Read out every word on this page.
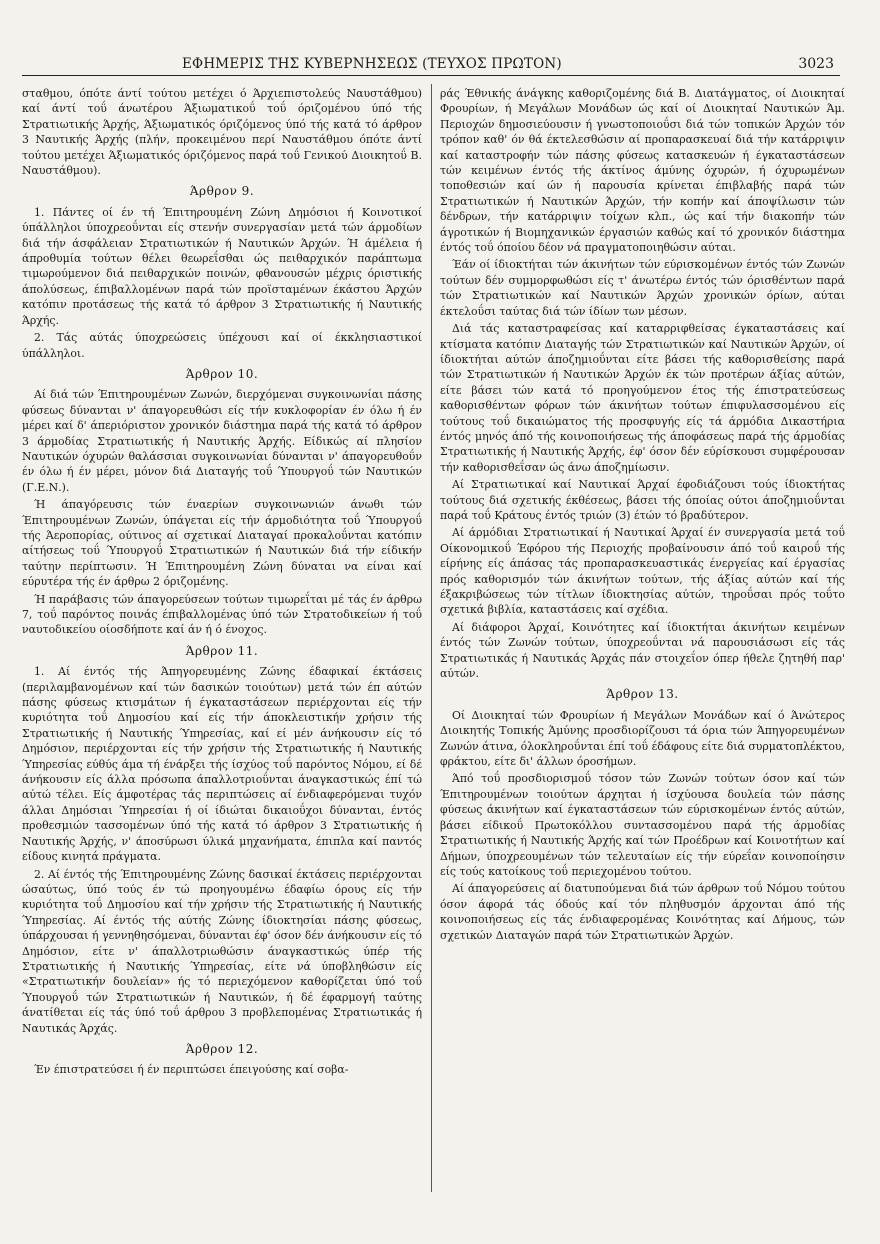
ΕΦΗΜΕΡΙΣ ΤΗΣ ΚΥΒΕΡΝΗΣΕΩΣ (ΤΕΥΧΟΣ ΠΡΩΤΟΝ)	3023

σταθμου, όπότε άντί τούτου μετέχει ό Άρχιεπιστολεύς Ναυστάθμου) καί άντί τοΰ άνωτέρου Άξιωματικοΰ τοΰ όριζομένου ύπό τής Στρατιωτικής Άρχής, Άξιωματικός όριζόμενος ύπό τής κατά τό άρθρον 3 Ναυτικής Άρχής (πλήν, προκειμένου περί Ναυστάθμου όπότε άντί τούτου μετέχει Άξιωματικός όριζόμενος παρά τοΰ Γενικού Διοικητοΰ Β. Ναυστάθμου).

Άρθρον 9.

1. Πάντες οί έν τή Έπιτηρουμένη Ζώνη Δημόσιοι ή Κοινοτικοί ύπάλληλοι ύποχρεοΰνται είς στενήν συνεργασίαν μετά τών άρμοδίων διά τήν άσφάλειαν Στρατιωτικών ή Ναυτικών Άρχών. Ή άμέλεια ή άπροθυμία τούτων θέλει θεωρεΐσθαι ώς πειθαρχικόν παράπτωμα τιμωρούμενον διά πειθαρχικών ποινών, φθανουσών μέχρις όριστικής άπολύσεως, έπιβαλλομένων παρά τών προϊσταμένων έκάστου Άρχών κατόπιν προτάσεως τής κατά τό άρθρον 3 Στρατιωτικής ή Ναυτικής Άρχής.

2. Τάς αύτάς ύποχρεώσεις ύπέχουσι καί οί έκκλησιαστικοί ύπάλληλοι.

Άρθρον 10.

Αί διά τών Έπιτηρουμένων Ζωνών, διερχόμεναι συγκοινωνίαι πάσης φύσεως δύνανται ν' άπαγορευθώσι είς τήν κυκλοφορίαν έν όλω ή έν μέρει καί δ' άπεριόριστον χρονικόν διάστημα παρά τής κατά τό άρθρον 3 άρμοδίας Στρατιωτικής ή Ναυτικής Άρχής. Είδικώς αί πλησίον Ναυτικών όχυρών θαλάσσιαι συγκοινωνίαι δύνανται ν' άπαγορευθοΰν έν όλω ή έν μέρει, μόνον διά Διαταγής τοΰ Ύπουργοΰ τών Ναυτικών (Γ.Ε.Ν.).

Ή άπαγόρευσις τών έναερίων συγκοινωνιών άνωθι τών Έπιτηρουμένων Ζωνών, ύπάγεται είς τήν άρμοδιότητα τοΰ Ύπουργοΰ τής Άεροπορίας, ούτινος αί σχετικαί Διαταγαί προκαλοΰνται κατόπιν αίτήσεως τοΰ Ύπουργοΰ Στρατιωτικών ή Ναυτικών διά τήν είδικήν ταύτην περίπτωσιν. Ή Έπιτηρουμένη Ζώνη δύναται να είναι καί εύρυτέρα τής έν άρθρω 2 όριζομένης.

Ή παράβασις τών άπαγορεύσεων τούτων τιμωρεΐται μέ τάς έν άρθρω 7, τοΰ παρόντος ποινάς έπιβαλλομένας ύπό τών Στρατοδικείων ή τοΰ ναυτοδικείου οίοσδήποτε καί άν ή ό ένοχος.

Άρθρον 11.

1. Αί έντός τής Άπηγορευμένης Ζώνης έδαφικαί έκτάσεις (περιλαμβανομένων καί τών δασικών τοιούτων) μετά τών έπ αύτών πάσης φύσεως κτισμάτων ή έγκαταστάσεων περιέρχονται είς τήν κυριότητα τοΰ Δημοσίου καί είς τήν άποκλειστικήν χρήσιν τής Στρατιωτικής ή Ναυτικής Ύπηρεσίας, καί εί μέν άνήκουσιν είς τό Δημόσιον, περιέρχονται είς τήν χρήσιν τής Στρατιωτικής ή Ναυτικής Ύπηρεσίας εύθύς άμα τή ένάρξει τής ίσχύος τοΰ παρόντος Νόμου, εί δέ άνήκουσιν είς άλλα πρόσωπα άπαλλοτριοΰνται άναγκαστικώς έπί τώ αύτώ τέλει. Είς άμφοτέρας τάς περιπτώσεις αί ένδιαφερόμεναι τυχόν άλλαι Δημόσιαι Ύπηρεσίαι ή οί ίδιώται δικαιοΰχοι δύνανται, έντός προθεσμιών τασσομένων ύπό τής κατά τό άρθρον 3 Στρατιωτικής ή Ναυτικής Άρχής, ν' άποσύρωσι ύλικά μηχανήματα, έπιπλα καί παντός είδους κινητά πράγματα.

2. Αί έντός τής Έπιτηρουμένης Ζώνης δασικαί έκτάσεις περιέρχονται ώσαύτως, ύπό τούς έν τώ προηγουμένω έδαφίω όρους είς τήν κυριότητα τοΰ Δημοσίου καί τήν χρήσιν τής Στρατιωτικής ή Ναυτικής Ύπηρεσίας. Αί έντός τής αύτής Ζώνης ίδιοκτησίαι πάσης φύσεως, ύπάρχουσαι ή γεννηθησόμεναι, δύνανται έφ' όσον δέν άνήκουσιν είς τό Δημόσιον, είτε ν' άπαλλοτριωθώσιν άναγκαστικώς ύπέρ τής Στρατιωτικής ή Ναυτικής Ύπηρεσίας, είτε νά ύποβληθώσιν είς «Στρατιωτικήν δουλείαν» ής τό περιεχόμενον καθορίζεται ύπό τοΰ Ύπουργοΰ τών Στρατιωτικών ή Ναυτικών, ή δέ έφαρμογή ταύτης άνατίθεται είς τάς ύπό τοΰ άρθρου 3 προβλεπομένας Στρατιωτικάς ή Ναυτικάς Άρχάς.

Άρθρον 12.

Έν έπιστρατεύσει ή έν περιπτώσει έπειγούσης καί σοβα-

ράς Έθνικής άνάγκης καθοριζομένης διά Β. Διατάγματος, οί Διοικηταί Φρουρίων, ή Μεγάλων Μονάδων ώς καί οί Διοικηταί Ναυτικών Άμ. Περιοχών δημοσιεύουσιν ή γνωστοποιοΰσι διά τών τοπικών Άρχών τόν τρόπον καθ' όν θά έκτελεσθώσιν αί προπαρασκευαί διά τήν κατάρριψιν καί καταστροφήν τών πάσης φύσεως κατασκευών ή έγκαταστάσεων τών κειμένων έντός τής άκτίνος άμύνης όχυρών, ή όχυρωμένων τοποθεσιών καί ών ή παρουσία κρίνεται έπιβλαβής παρά τών Στρατιωτικών ή Ναυτικών Άρχών, τήν κοπήν καί άποψίλωσιν τών δένδρων, τήν κατάρριψιν τοίχων κλπ., ώς καί τήν διακοπήν τών άγροτικών ή Βιομηχανικών έργασιών καθώς καί τό χρονικόν διάστημα έντός τοΰ όποίου δέον νά πραγματοποιηθώσιν αύται.

Έάν οί ίδιοκτήται τών άκινήτων τών εύρισκομένων έντός τών Ζωνών τούτων δέν συμμορφωθώσι είς τ' άνωτέρω έντός τών όρισθέντων παρά τών Στρατιωτικών καί Ναυτικών Άρχών χρονικών όρίων, αύται έκτελοΰσι ταύτας διά τών ίδίων των μέσων.

Διά τάς καταστραφείσας καί καταρριφθείσας έγκαταστάσεις καί κτίσματα κατόπιν Διαταγής τών Στρατιωτικών καί Ναυτικών Άρχών, οί ίδιοκτήται αύτών άποζημιοΰνται είτε βάσει τής καθορισθείσης παρά τών Στρατιωτικών ή Ναυτικών Άρχών έκ τών προτέρων άξίας αύτών, είτε βάσει τών κατά τό προηγούμενον έτος τής έπιστρατεύσεως καθορισθέντων φόρων τών άκινήτων τούτων έπιφυλασσομένου είς τούτους τοΰ δικαιώματος τής προσφυγής είς τά άρμόδια Δικαστήρια έντός μηνός άπό τής κοινοποιήσεως τής άποφάσεως παρά τής άρμοδίας Στρατιωτικής ή Ναυτικής Άρχής, έφ' όσον δέν εύρίσκουσι συμφέρουσαν τήν καθορισθεΐσαν ώς άνω άποζημίωσιν.

Αί Στρατιωτικαί καί Ναυτικαί Άρχαί έφοδιάζουσι τούς ίδιοκτήτας τούτους διά σχετικής έκθέσεως, βάσει τής όποίας ούτοι άποζημιοΰνται παρά τοΰ Κράτους έντός τριών (3) έτών τό βραδύτερον.

Αί άρμόδιαι Στρατιωτικαί ή Ναυτικαί Άρχαί έν συνεργασία μετά τοΰ Οίκονομικοΰ Έφόρου τής Περιοχής προβαίνουσιν άπό τοΰ καιροΰ τής είρήνης είς άπάσας τάς προπαρασκευαστικάς ένεργείας καί έργασίας πρός καθορισμόν τών άκινήτων τούτων, τής άξίας αύτών καί τής έξακριβώσεως τών τίτλων ίδιοκτησίας αύτών, τηροΰσαι πρός τοΰτο σχετικά βιβλία, καταστάσεις καί σχέδια.

Αί διάφοροι Άρχαί, Κοινότητες καί ίδιοκτήται άκινήτων κειμένων έντός τών Ζωνών τούτων, ύποχρεοΰνται νά παρουσιάσωσι είς τάς Στρατιωτικάς ή Ναυτικάς Άρχάς πάν στοιχεΐον όπερ ήθελε ζητηθή παρ' αύτών.

Άρθρον 13.

Οί Διοικηταί τών Φρουρίων ή Μεγάλων Μονάδων καί ό Άνώτερος Διοικητής Τοπικής Άμύνης προσδιορίζουσι τά όρια τών Άπηγορευμένων Ζωνών άτινα, όλοκληροΰνται έπί τοΰ έδάφους είτε διά συρματοπλέκτου, φράκτου, είτε δι' άλλων όροσήμων.

Άπό τοΰ προσδιορισμοΰ τόσον τών Ζωνών τούτων όσον καί τών Έπιτηρουμένων τοιούτων άρχηται ή ίσχύουσα δουλεία τών πάσης φύσεως άκινήτων καί έγκαταστάσεων τών εύρισκομένων έντός αύτών, βάσει είδικοΰ Πρωτοκόλλου συντασσομένου παρά τής άρμοδίας Στρατιωτικής ή Ναυτικής Άρχής καί τών Προέδρων καί Κοινοτήτων καί Δήμων, ύποχρεουμένων τών τελευταίων είς τήν εύρεΐαν κοινοποίησιν είς τούς κατοίκους τοΰ περιεχομένου τούτου.

Αί άπαγορεύσεις αί διατυπούμεναι διά τών άρθρων τοΰ Νόμου τούτου όσον άφορά τάς όδούς καί τόν πληθυσμόν άρχονται άπό τής κοινοποιήσεως είς τάς ένδιαφερομένας Κοινότητας καί Δήμους, τών σχετικών Διαταγών παρά τών Στρατιωτικών Άρχών.
